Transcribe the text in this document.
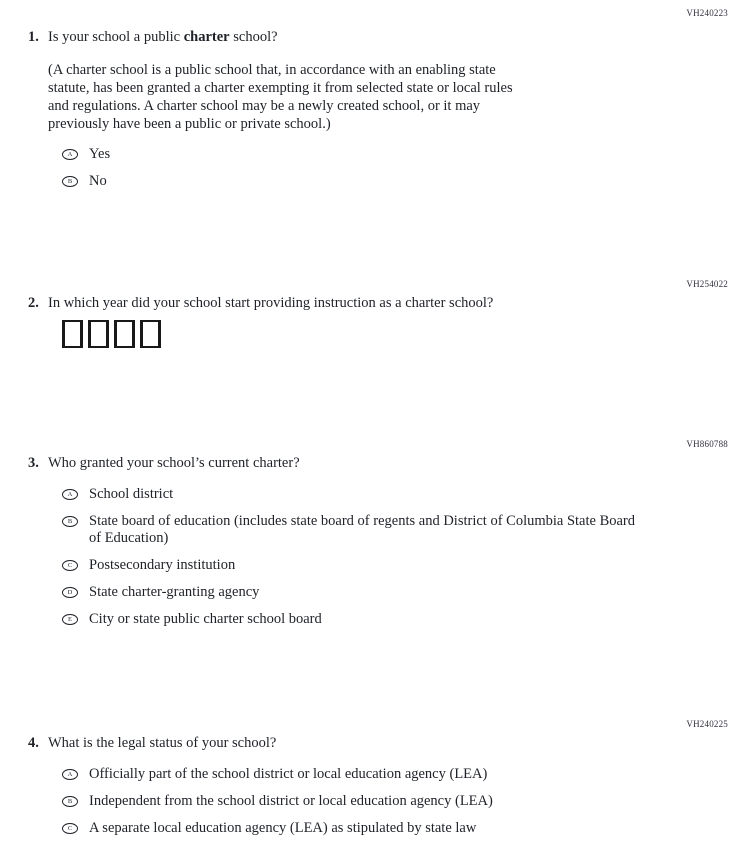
VH240223
1. Is your school a public charter school?
(A charter school is a public school that, in accordance with an enabling state
statute, has been granted a charter exempting it from selected state or local rules
and regulations. A charter school may be a newly created school, or it may
previously have been a public or private school.)
A	Yes
B	No
VH254022
2. In which year did your school start providing instruction as a charter school?
VH860788
3. Who granted your school’s current charter?
A	School district
B	State board of education (includes state board of regents and District of Columbia State Board
of Education)
C	Postsecondary institution
D	State charter-granting agency
E	City or state public charter school board
VH240225
4. What is the legal status of your school?
A	Officially part of the school district or local education agency (LEA)
B	Independent from the school district or local education agency (LEA)
C	A separate local education agency (LEA) as stipulated by state law
